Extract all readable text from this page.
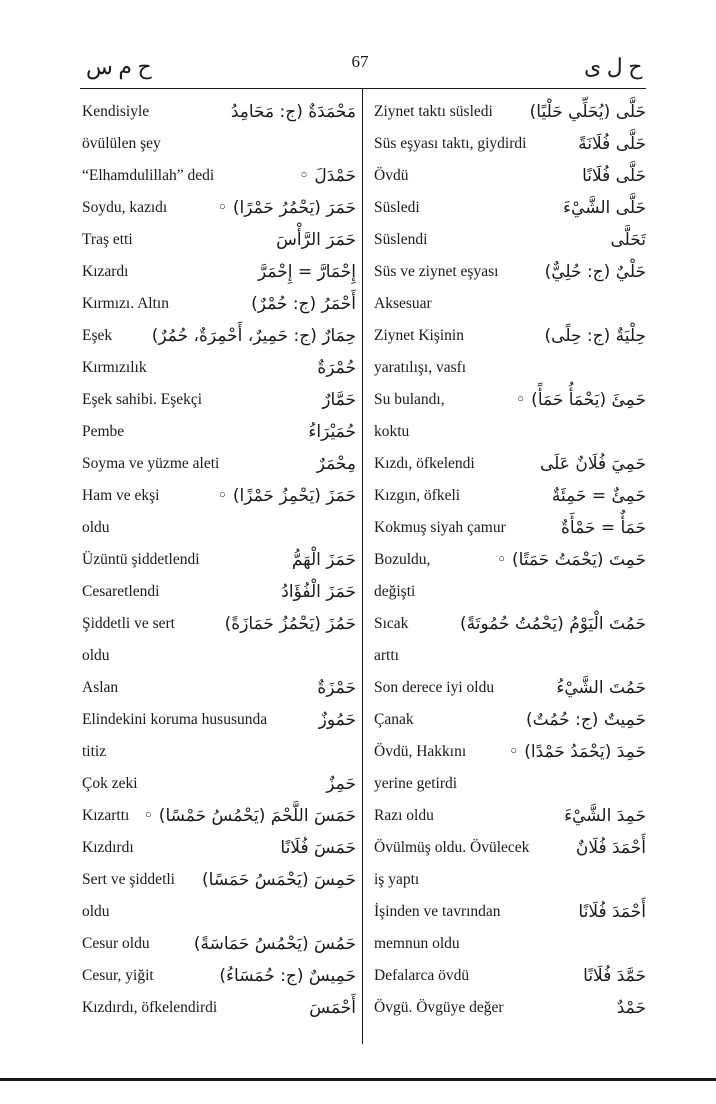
ح م س	67	ح ل ى
Kendisiyle	مَحْمَدَةٌ (ج: مَحَامِدُ
övülülen şey
“Elhamdulillah” dedi	حَمْدَلَ ◦
Soydu, kazıdı	حَمَرَ (يَحْمُرُ حَمْرًا) ◦
Traş etti	حَمَرَ الرَّأْسَ
Kızardı	إِحْمَارَّ = إِحْمَرَّ
Kırmızı. Altın	أَحْمَرُ (ج: حُمْرٌ)
Eşek حِمَارٌ (ج: حَمِيرٌ، أَحْمِرَةٌ، حُمُرٌ)
Kırmızılık	حُمْرَةٌ
Eşek sahibi. Eşekçi	حَمَّارٌ
Pembe	حُمَيْرَاءُ
Soyma ve yüzme aleti	مِحْمَرٌ
Ham ve ekşi	حَمَزَ (يَحْمِزُ حَمْزًا) ◦
oldu
Üzüntü şiddetlendi	حَمَزَ الْهَمُّ
Cesaretlendi	حَمَزَ الْفُؤَادُ
Şiddetli ve sert	حَمُزَ (يَحْمُزُ حَمَازَةً)
oldu
Aslan	حَمْزَةٌ
Elindekini koruma hususunda	حَمُوزٌ
titiz
Çok zeki	حَمِزٌ
Kızarttı حَمَسَ اللَّحْمَ (يَحْمُسُ حَمْسًا) ◦
Kızdırdı	حَمَسَ فُلَانًا
Sert ve şiddetli حَمِسَ (يَحْمَسُ حَمَسًا)
oldu
Cesur oldu	حَمُسَ (يَحْمُسُ حَمَاسَةً)
Cesur, yiğit	حَمِيسٌ (ج: حُمَسَاءُ)
Kızdırdı, öfkelendirdi	أَحْمَسَ
Ziynet taktı süsledi حَلَّى (يُحَلِّي حَلْيًا)
Süs eşyası taktı, giydirdi	حَلَّى فُلَانَةً
Övdü	حَلَّى فُلَانًا
Süsledi	حَلَّى الشَّيْءَ
Süslendi	تَحَلَّى
Süs ve ziynet eşyası	حَلْيٌ (ج: حُلِيٌّ)
Aksesuar
Ziynet Kişinin	حِلْيَةٌ (ج: حِلًى)
yaratılışı, vasfı
Su bulandı,	حَمِئَ (يَحْمَأُ حَمَأً) ◦
koktu
Kızdı, öfkelendi	حَمِيَ فُلَانٌ عَلَى
Kızgın, öfkeli	حَمِئٌ = حَمِئَةٌ
Kokmuş siyah çamur	حَمَأٌ = حَمْأَةٌ
Bozuldu,	حَمِتَ (يَحْمَتُ حَمَتًا) ◦
değişti
Sıcak	حَمُتَ الْيَوْمُ (يَحْمُتُ حُمُوتَةً)
arttı
Son derece iyi oldu	حَمُتَ الشَّيْءُ
Çanak	حَمِيتٌ (ج: حُمُتٌ)
Övdü, Hakkını	حَمِدَ (يَحْمَدُ حَمْدًا) ◦
yerine getirdi
Razı oldu	حَمِدَ الشَّيْءَ
Övülmüş oldu. Övülecek	أَحْمَدَ فُلَانٌ
iş yaptı
İşinden ve tavrından	أَحْمَدَ فُلَانًا
memnun oldu
Defalarca övdü	حَمَّدَ فُلَانًا
Övgü. Övgüye değer	حَمْدٌ
